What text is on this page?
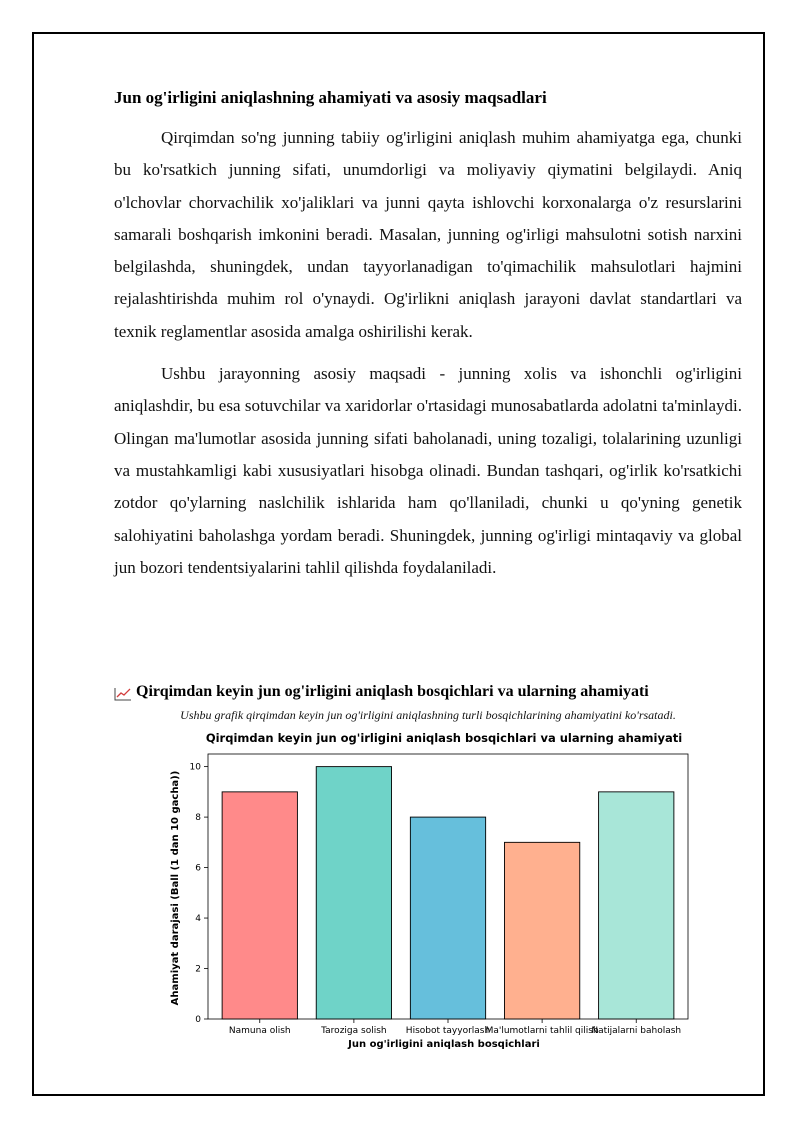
Jun og'irligini aniqlashning ahamiyati va asosiy maqsadlari

Qirqimdan so'ng junning tabiiy og'irligini aniqlash muhim ahamiyatga ega, chunki bu ko'rsatkich junning sifati, unumdorligi va moliyaviy qiymatini belgilaydi. Aniq o'lchovlar chorvachilik xo'jaliklari va junni qayta ishlovchi korxonalarga o'z resurslarini samarali boshqarish imkonini beradi. Masalan, junning og'irligi mahsulotni sotish narxini belgilashda, shuningdek, undan tayyorlanadigan to'qimachilik mahsulotlari hajmini rejalashtirishda muhim rol o'ynaydi. Og'irlikni aniqlash jarayoni davlat standartlari va texnik reglamentlar asosida amalga oshirilishi kerak.

Ushbu jarayonning asosiy maqsadi - junning xolis va ishonchli og'irligini aniqlashdir, bu esa sotuvchilar va xaridorlar o'rtasidagi munosabatlarda adolatni ta'minlaydi. Olingan ma'lumotlar asosida junning sifati baholanadi, uning tozaligi, tolalarining uzunligi va mustahkamligi kabi xususiyatlari hisobga olinadi. Bundan tashqari, og'irlik ko'rsatkichi zotdor qo'ylarning naslchilik ishlarida ham qo'llaniladi, chunki u qo'yning genetik salohiyatini baholashga yordam beradi. Shuningdek, junning og'irligi mintaqaviy va global jun bozori tendentsiyalarini tahlil qilishda foydalaniladi.

Qirqimdan keyin jun og'irligini aniqlash bosqichlari va ularning ahamiyati
Ushbu grafik qirqimdan keyin jun og'irligini aniqlashning turli bosqichlarining ahamiyatini ko'rsatadi.
Qirqimdan keyin jun og'irligini aniqlash bosqichlari va ularning ahamiyati
0
2
4
6
8
10
Namuna olish	Taroziga solish Hisobot tayyorlash
Ma'lumotlarni tahlil qilish
Natijalarni baholash
Jun og'irligini aniqlash bosqichlari
Ahamiyat darajasi (Ball (1 dan 10 gacha))
